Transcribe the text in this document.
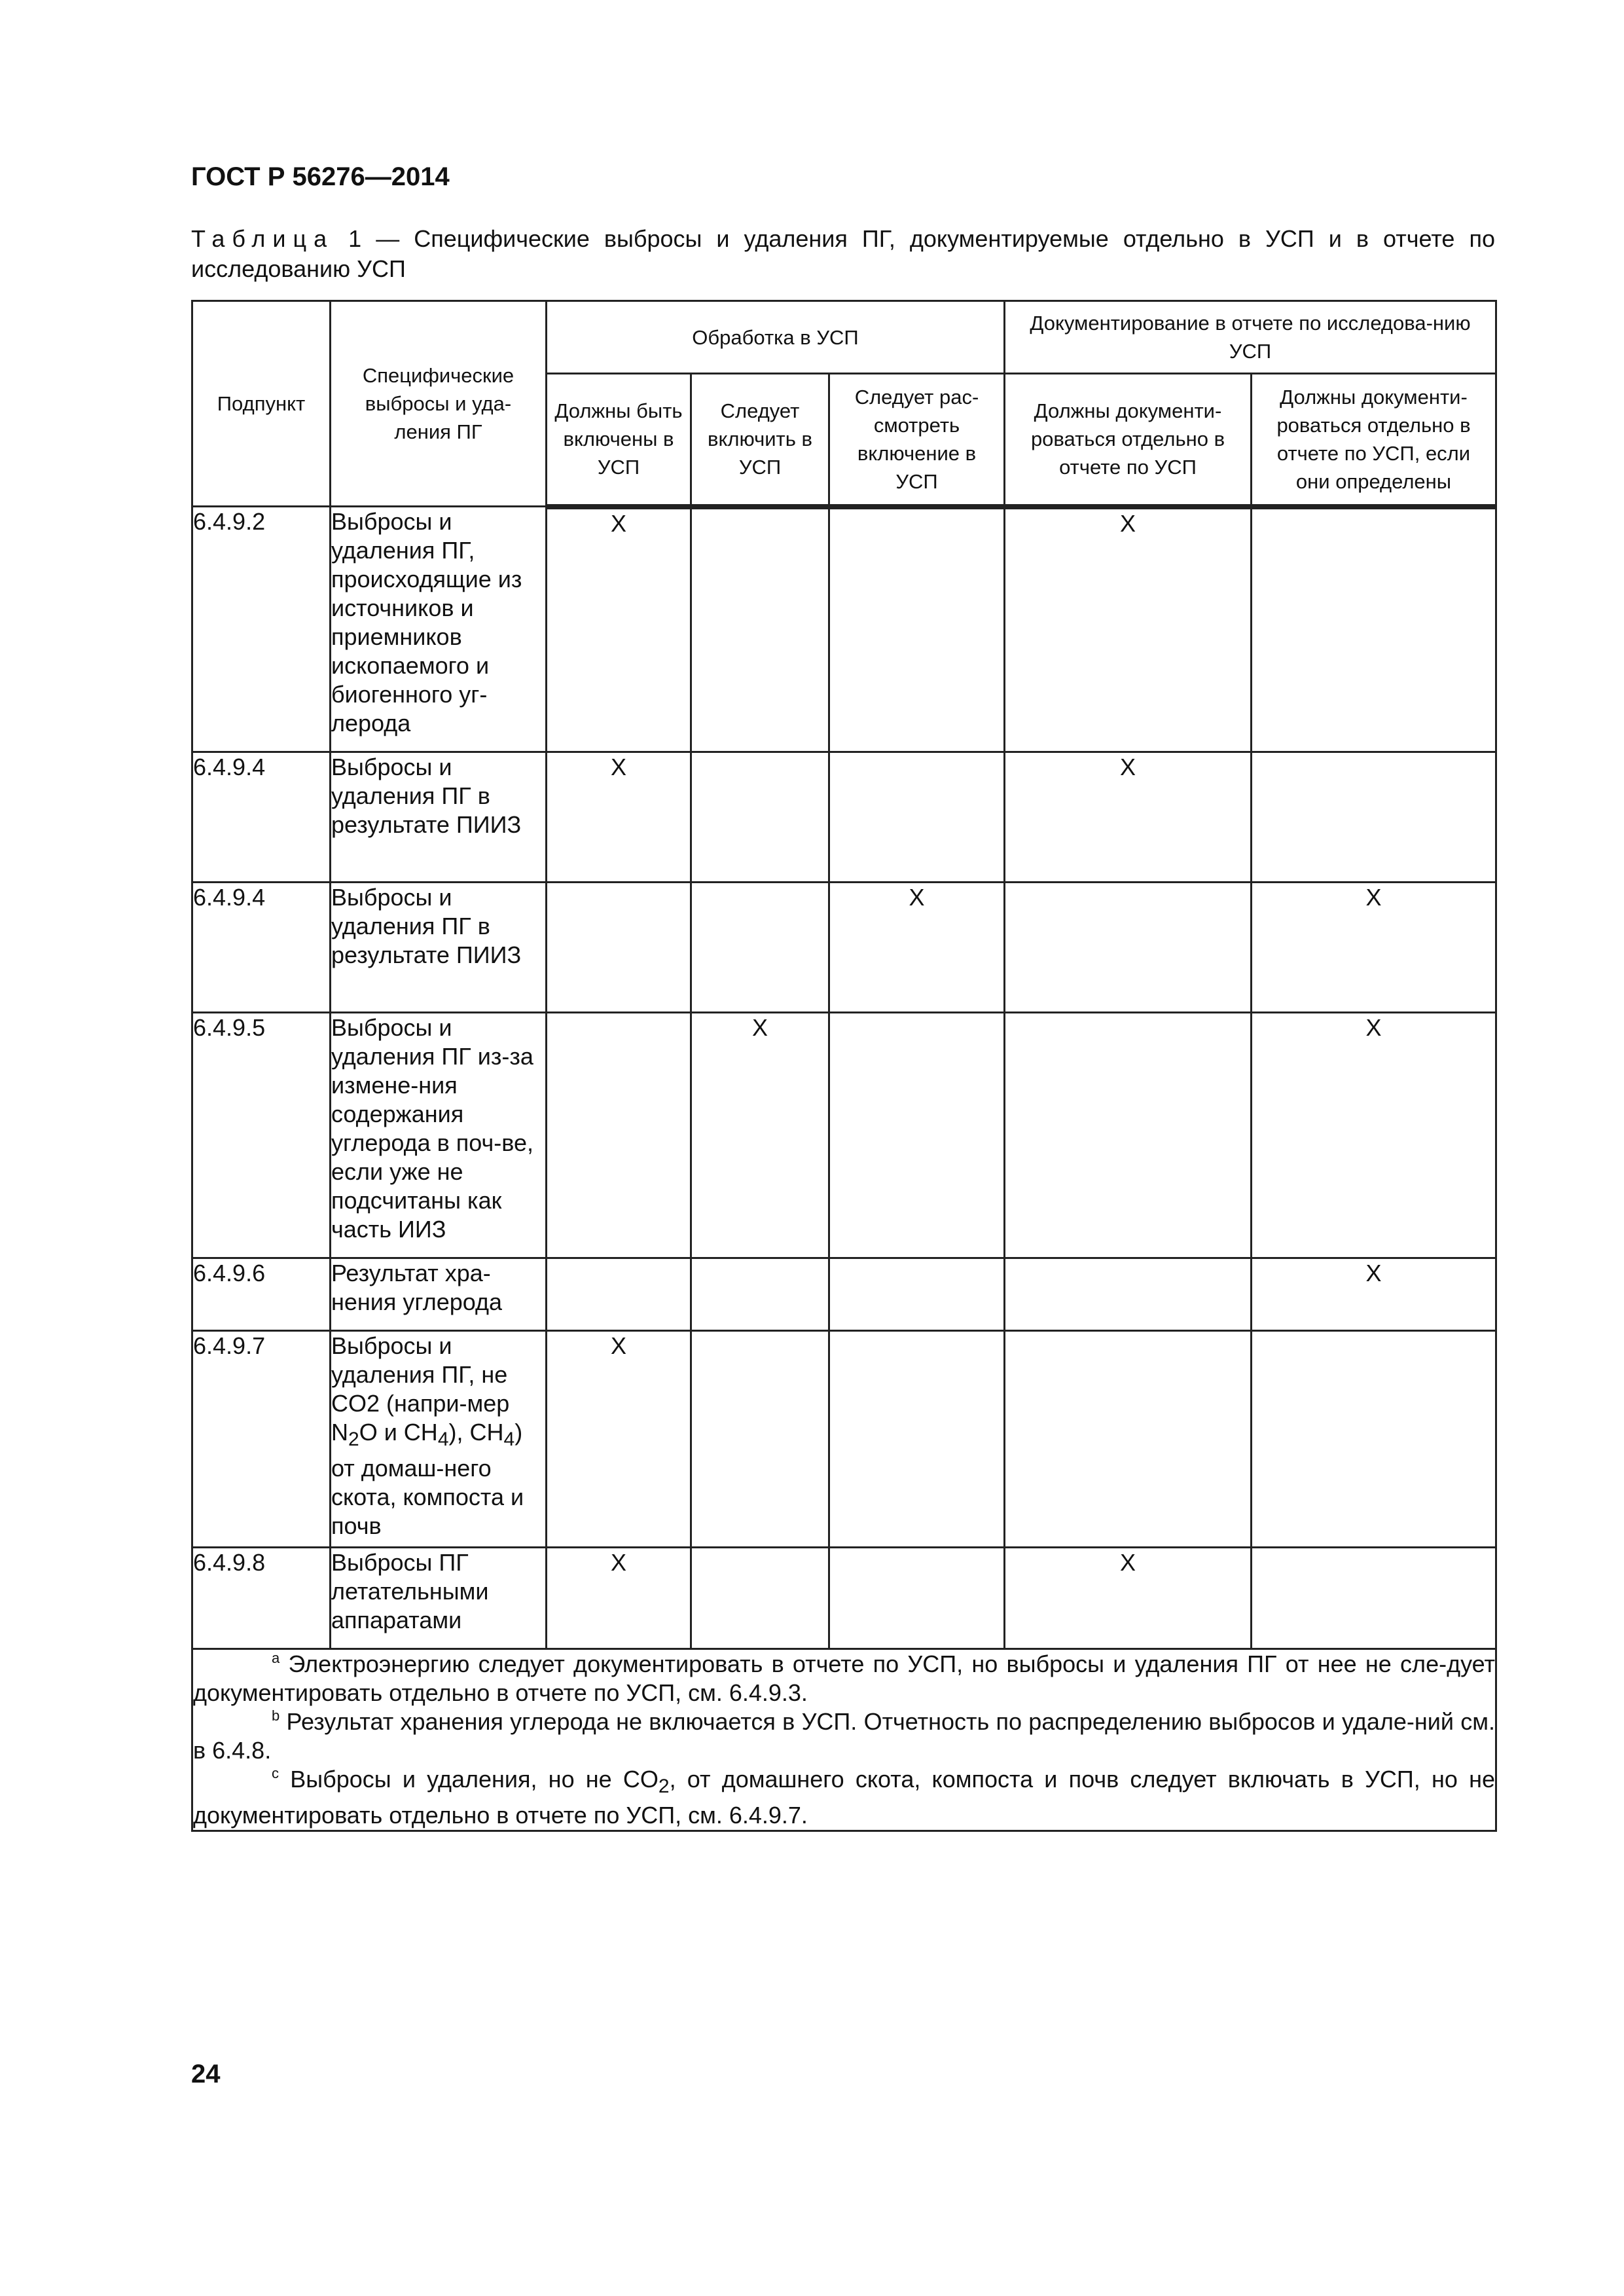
ГОСТ Р 56276—2014

Таблица 1 — Специфические выбросы и удаления ПГ, документируемые отдельно в УСП и в отчете по исследованию УСП

Подпункт	Специфические выбросы и уда-ления ПГ	Обработка в УСП			Документирование в отчете по исследова-нию УСП	
		Должны быть включены в УСП	Следует включить в УСП	Следует рас-смотреть включение в УСП	Должны документи-роваться отдельно в отчете по УСП	Должны документи-роваться отдельно в отчете по УСП, если они определены
6.4.9.2	Выбросы и удаления ПГ, происходящие из источников и приемников ископаемого и биогенного уг-лерода	X			X	
6.4.9.4	Выбросы и удаления ПГ в результате ПИИЗ	X			X	
6.4.9.4	Выбросы и удаления ПГ в результате ПИИЗ			X		X
6.4.9.5	Выбросы и удаления ПГ из-за измене-ния содержания углерода в поч-ве, если уже не подсчитаны как часть ИИЗ		X			X
6.4.9.6	Результат хра-нения углерода					X
6.4.9.7	Выбросы и удаления ПГ, не CO2 (напри-мер $N_2O$ и $CH_4$), $CH_4$) от домаш-него скота, компоста и почв	X				
6.4.9.8	Выбросы ПГ летательными аппаратами	X			X	

$^a$ Электроэнергию следует документировать в отчете по УСП, но выбросы и удаления ПГ от нее не сле-дует документировать отдельно в отчете по УСП, см. 6.4.9.3.
$^b$ Результат хранения углерода не включается в УСП. Отчетность по распределению выбросов и удале-ний см. в 6.4.8.
$^c$ Выбросы и удаления, но не $CO_2$, от домашнего скота, компоста и почв следует включать в УСП, но не документировать отдельно в отчете по УСП, см. 6.4.9.7.						
24
